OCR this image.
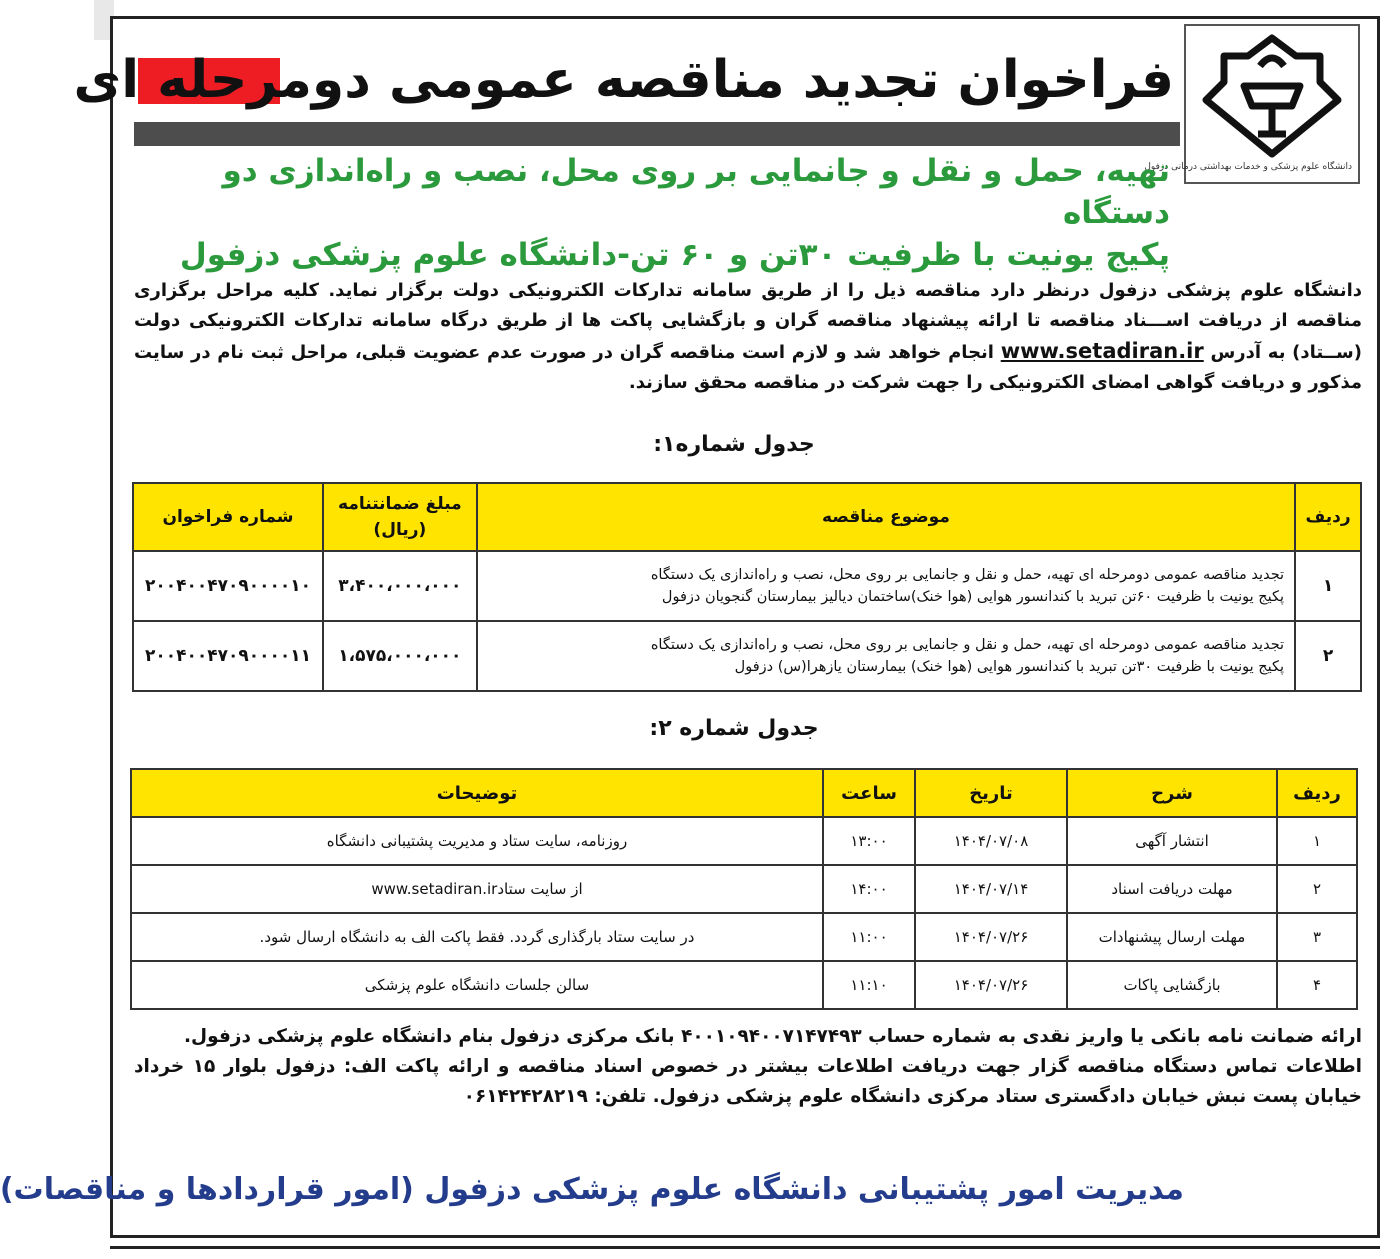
دانشگاه علوم پزشکی و خدمات بهداشتی درمانی دزفول
فراخوان تجدید مناقصه عمومی دومرحله ای
تهیه، حمل و نقل و جانمایی بر روی محل، نصب و راه‌اندازی دو دستگاه
پکیج یونیت با ظرفیت ۳۰تن و ۶۰ تن-دانشگاه علوم پزشکی دزفول
دانشگاه علوم پزشکی دزفول درنظر دارد مناقصه ذیل را از طریق سامانه تدارکات الکترونیکی دولت برگزار نماید. کلیه مراحل برگزاری مناقصه از دریافت اســـناد مناقصه تا ارائه پیشنهاد مناقصه گران و بازگشایی پاکت ها از طریق درگاه سامانه تدارکات الکترونیکی دولت (ســتاد) به آدرس www.setadiran.ir انجام خواهد شد و لازم است مناقصه گران در صورت عدم عضویت قبلی، مراحل ثبت نام در سایت مذکور و دریافت گواهی امضای الکترونیکی را جهت شرکت در مناقصه محقق سازند.
جدول شماره۱:
ردیف	موضوع مناقصه	مبلغ ضمانتنامه (ریال)	شماره فراخوان
۱	تجدید مناقصه عمومی دومرحله ای تهیه، حمل و نقل و جانمایی بر روی محل، نصب و راه‌اندازی یک دستگاه
پکیج یونیت با ظرفیت ۶۰تن تبرید با کندانسور هوایی (هوا خنک)ساختمان دیالیز بیمارستان گنجویان دزفول	۳،۴۰۰،۰۰۰،۰۰۰	۲۰۰۴۰۰۴۷۰۹۰۰۰۰۱۰
۲	تجدید مناقصه عمومی دومرحله ای تهیه، حمل و نقل و جانمایی بر روی محل، نصب و راه‌اندازی یک دستگاه
پکیج یونیت با ظرفیت ۳۰تن تبرید با کندانسور هوایی (هوا خنک) بیمارستان یازهرا(س) دزفول	۱،۵۷۵،۰۰۰،۰۰۰	۲۰۰۴۰۰۴۷۰۹۰۰۰۰۱۱
جدول شماره ۲:
ردیف	شرح	تاریخ	ساعت	توضیحات
۱	انتشار آگهی	۱۴۰۴/۰۷/۰۸	۱۳:۰۰	روزنامه، سایت ستاد و مدیریت پشتیبانی دانشگاه
۲	مهلت دریافت اسناد	۱۴۰۴/۰۷/۱۴	۱۴:۰۰	از سایت ستادwww.setadiran.ir
۳	مهلت ارسال پیشنهادات	۱۴۰۴/۰۷/۲۶	۱۱:۰۰	در سایت ستاد بارگذاری گردد. فقط پاکت الف به دانشگاه ارسال شود.
۴	بازگشایی پاکات	۱۴۰۴/۰۷/۲۶	۱۱:۱۰	سالن جلسات دانشگاه علوم پزشکی
ارائه ضمانت نامه بانکی یا واریز نقدی به شماره حساب ۴۰۰۱۰۹۴۰۰۷۱۴۷۴۹۳ بانک مرکزی دزفول بنام دانشگاه علوم پزشکی دزفول.
اطلاعات تماس دستگاه مناقصه گزار جهت دریافت اطلاعات بیشتر در خصوص اسناد مناقصه و ارائه پاکت الف: دزفول بلوار ۱۵ خرداد خیابان پست نبش خیابان دادگستری ستاد مرکزی دانشگاه علوم پزشکی دزفول. تلفن: ۰۶۱۴۲۴۲۸۲۱۹
مدیریت امور پشتیبانی دانشگاه علوم پزشکی دزفول (امور قراردادها و مناقصات)
